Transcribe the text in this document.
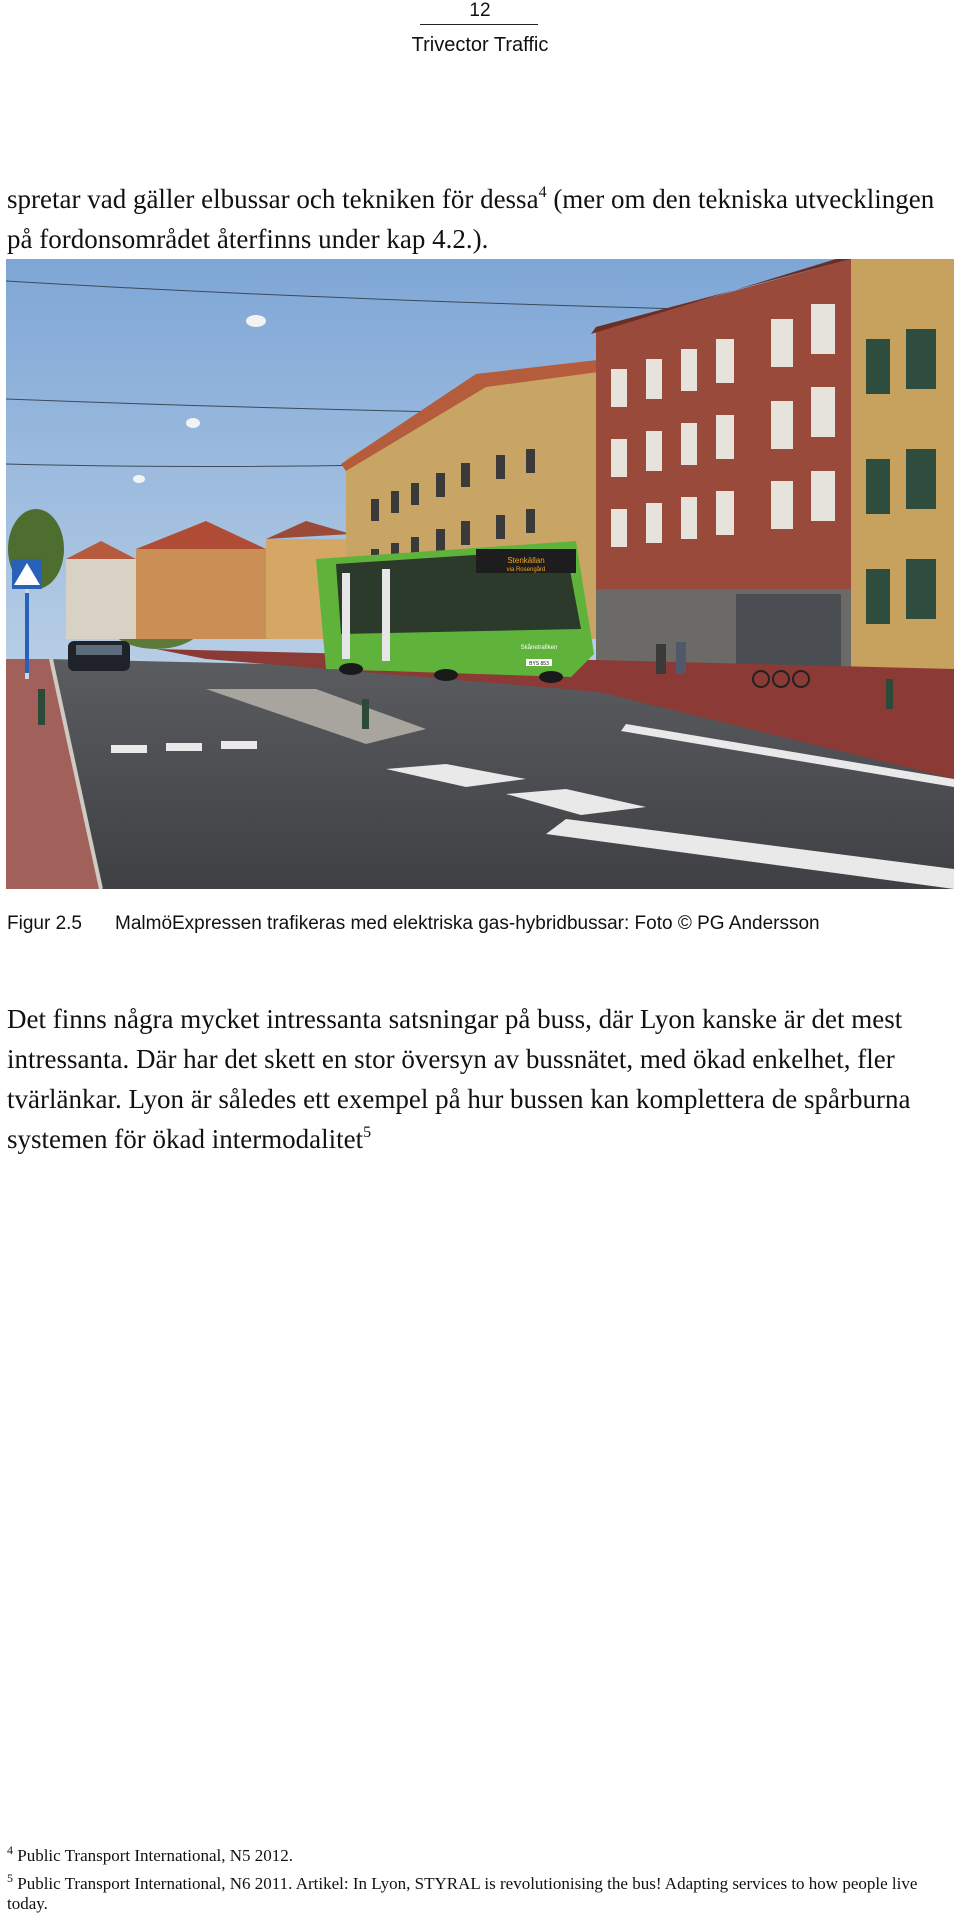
12
Trivector Traffic

spretar vad gäller elbussar och tekniken för dessa$^4$ (mer om den tekniska utvecklingen på fordonsområdet återfinns under kap 4.2.).

Stenkällan
via Rosengård
Skånetrafiken
BYS 853
Figur 2.5 MalmöExpressen trafikeras med elektriska gas-hybridbussar: Foto © PG Andersson

Det finns några mycket intressanta satsningar på buss, där Lyon kanske är det mest intressanta. Där har det skett en stor översyn av bussnätet, med ökad enkelhet, fler tvärlänkar. Lyon är således ett exempel på hur bussen kan komplettera de spårburna systemen för ökad intermodalitet$^5$

$^4$ Public Transport International, N5 2012.

$^5$ Public Transport International, N6 2011. Artikel: In Lyon, STYRAL is revolutionising the bus! Adapting services to how people live today.
